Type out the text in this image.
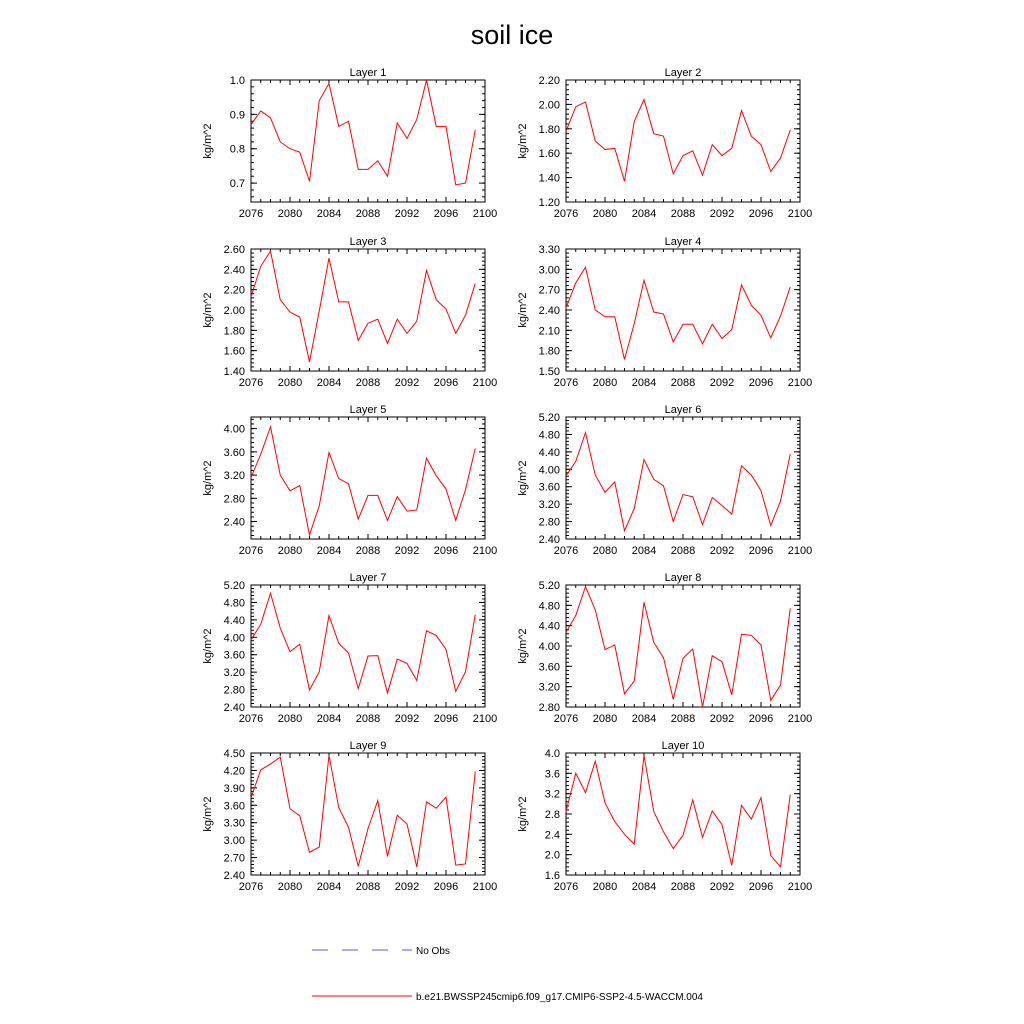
soil ice
Layer 1
2076 2080 2084 2088 2092 2096 2100
0.7
0.8
0.9
1.0
kg/m^2
Layer 2
2076 2080 2084 2088 2092 2096 2100
1.20
1.40
1.60
1.80
2.00
2.20
kg/m^2
Layer 3
2076 2080 2084 2088 2092 2096 2100
1.40
1.60
1.80
2.00
2.20
2.40
2.60
kg/m^2
Layer 4
2076 2080 2084 2088 2092 2096 2100
1.50
1.80
2.10
2.40
2.70
3.00
3.30
kg/m^2
Layer 5
2076 2080 2084 2088 2092 2096 2100
2.40
2.80
3.20
3.60
4.00
kg/m^2
Layer 6
2076 2080 2084 2088 2092 2096 2100
2.40
2.80
3.20
3.60
4.00
4.40
4.80
5.20
kg/m^2
Layer 7
2076 2080 2084 2088 2092 2096 2100
2.40
2.80
3.20
3.60
4.00
4.40
4.80
5.20
kg/m^2
Layer 8
2076 2080 2084 2088 2092 2096 2100
2.80
3.20
3.60
4.00
4.40
4.80
5.20
kg/m^2
Layer 9
2076 2080 2084 2088 2092 2096 2100
2.40
2.70
3.00
3.30
3.60
3.90
4.20
4.50
kg/m^2
Layer 10
2076 2080 2084 2088 2092 2096 2100
1.6
2.0
2.4
2.8
3.2
3.6
4.0
kg/m^2
No Obs
b.e21.BWSSP245cmip6.f09_g17.CMIP6-SSP2-4.5-WACCM.004
